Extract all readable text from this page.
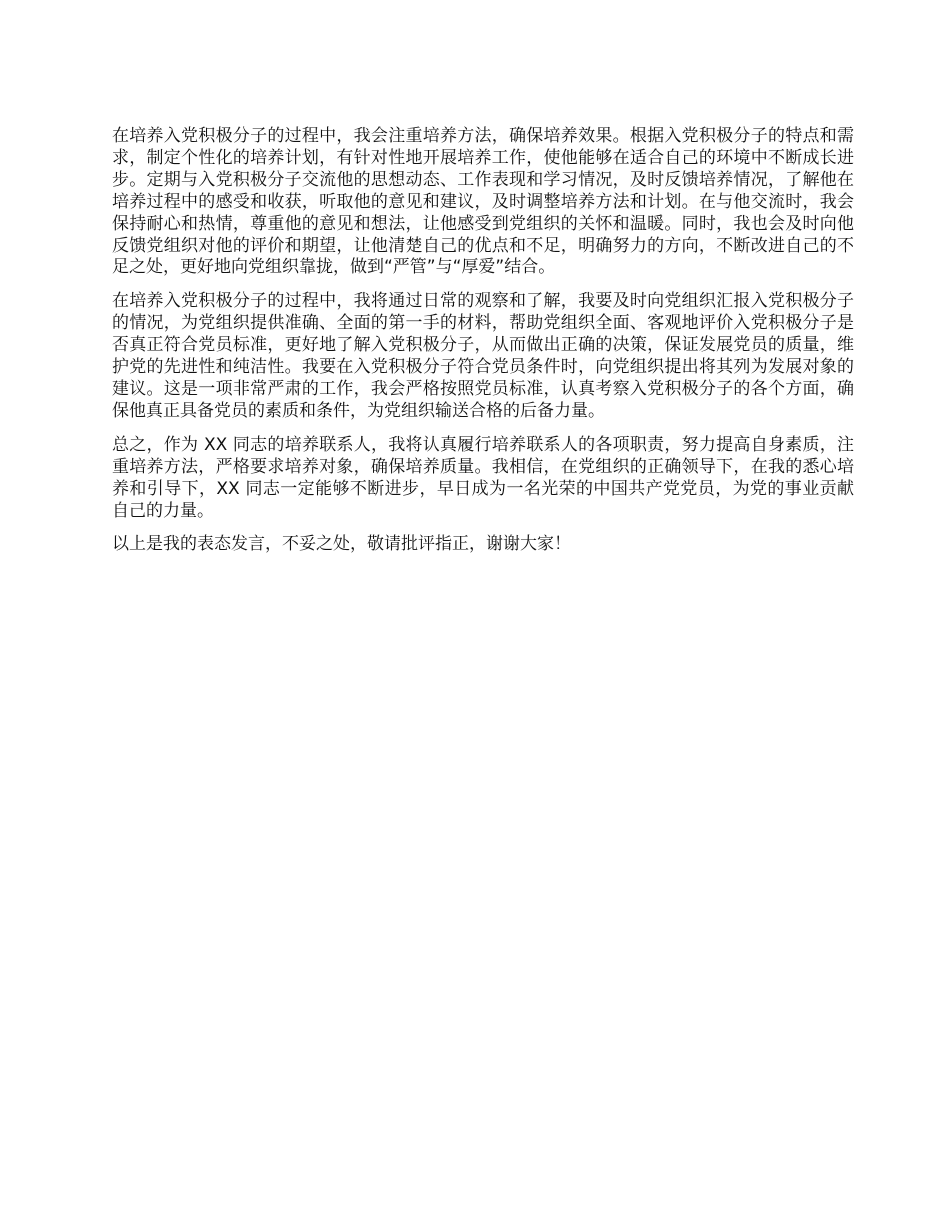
在培养入党积极分子的过程中，我会注重培养方法，确保培养效果。根据入党积极分子的特点和需求，制定个性化的培养计划，有针对性地开展培养工作，使他能够在适合自己的环境中不断成长进步。定期与入党积极分子交流他的思想动态、工作表现和学习情况，及时反馈培养情况，了解他在培养过程中的感受和收获，听取他的意见和建议，及时调整培养方法和计划。在与他交流时，我会保持耐心和热情，尊重他的意见和想法，让他感受到党组织的关怀和温暖。同时，我也会及时向他反馈党组织对他的评价和期望，让他清楚自己的优点和不足，明确努力的方向，不断改进自己的不足之处，更好地向党组织靠拢，做到“严管”与“厚爱”结合。

在培养入党积极分子的过程中，我将通过日常的观察和了解，我要及时向党组织汇报入党积极分子的情况，为党组织提供准确、全面的第一手的材料，帮助党组织全面、客观地评价入党积极分子是否真正符合党员标准，更好地了解入党积极分子，从而做出正确的决策，保证发展党员的质量，维护党的先进性和纯洁性。我要在入党积极分子符合党员条件时，向党组织提出将其列为发展对象的建议。这是一项非常严肃的工作，我会严格按照党员标准，认真考察入党积极分子的各个方面，确保他真正具备党员的素质和条件，为党组织输送合格的后备力量。

总之，作为 XX 同志的培养联系人，我将认真履行培养联系人的各项职责，努力提高自身素质，注重培养方法，严格要求培养对象，确保培养质量。我相信，在党组织的正确领导下，在我的悉心培养和引导下，XX 同志一定能够不断进步，早日成为一名光荣的中国共产党党员，为党的事业贡献自己的力量。

以上是我的表态发言，不妥之处，敬请批评指正，谢谢大家！
